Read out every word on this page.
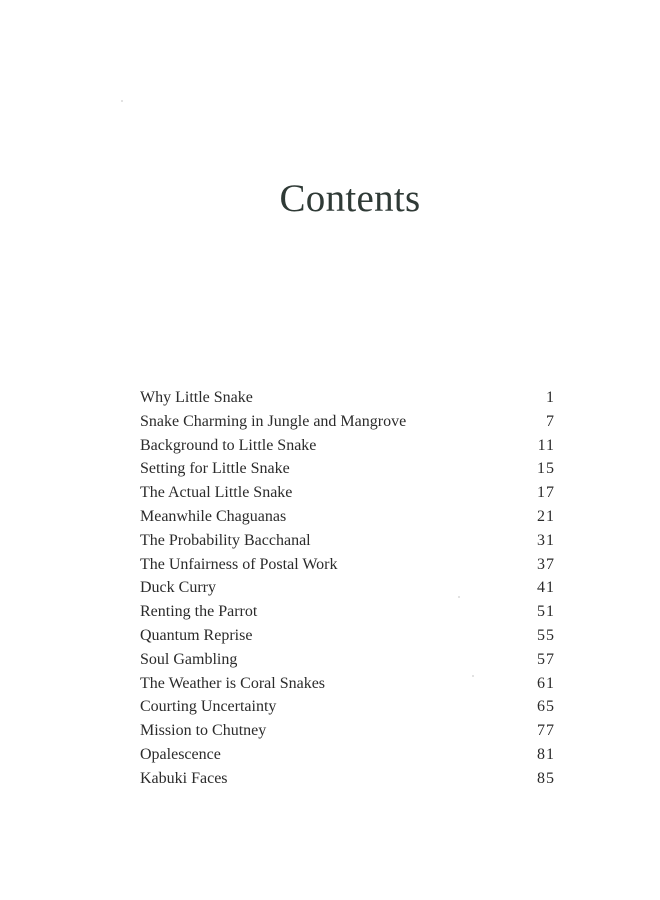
Contents
Why Little Snake	1
Snake Charming in Jungle and Mangrove	7
Background to Little Snake	11
Setting for Little Snake	15
The Actual Little Snake	17
Meanwhile Chaguanas	21
The Probability Bacchanal	31
The Unfairness of Postal Work	37
Duck Curry	41
Renting the Parrot	51
Quantum Reprise	55
Soul Gambling	57
The Weather is Coral Snakes	61
Courting Uncertainty	65
Mission to Chutney	77
Opalescence	81
Kabuki Faces	85
